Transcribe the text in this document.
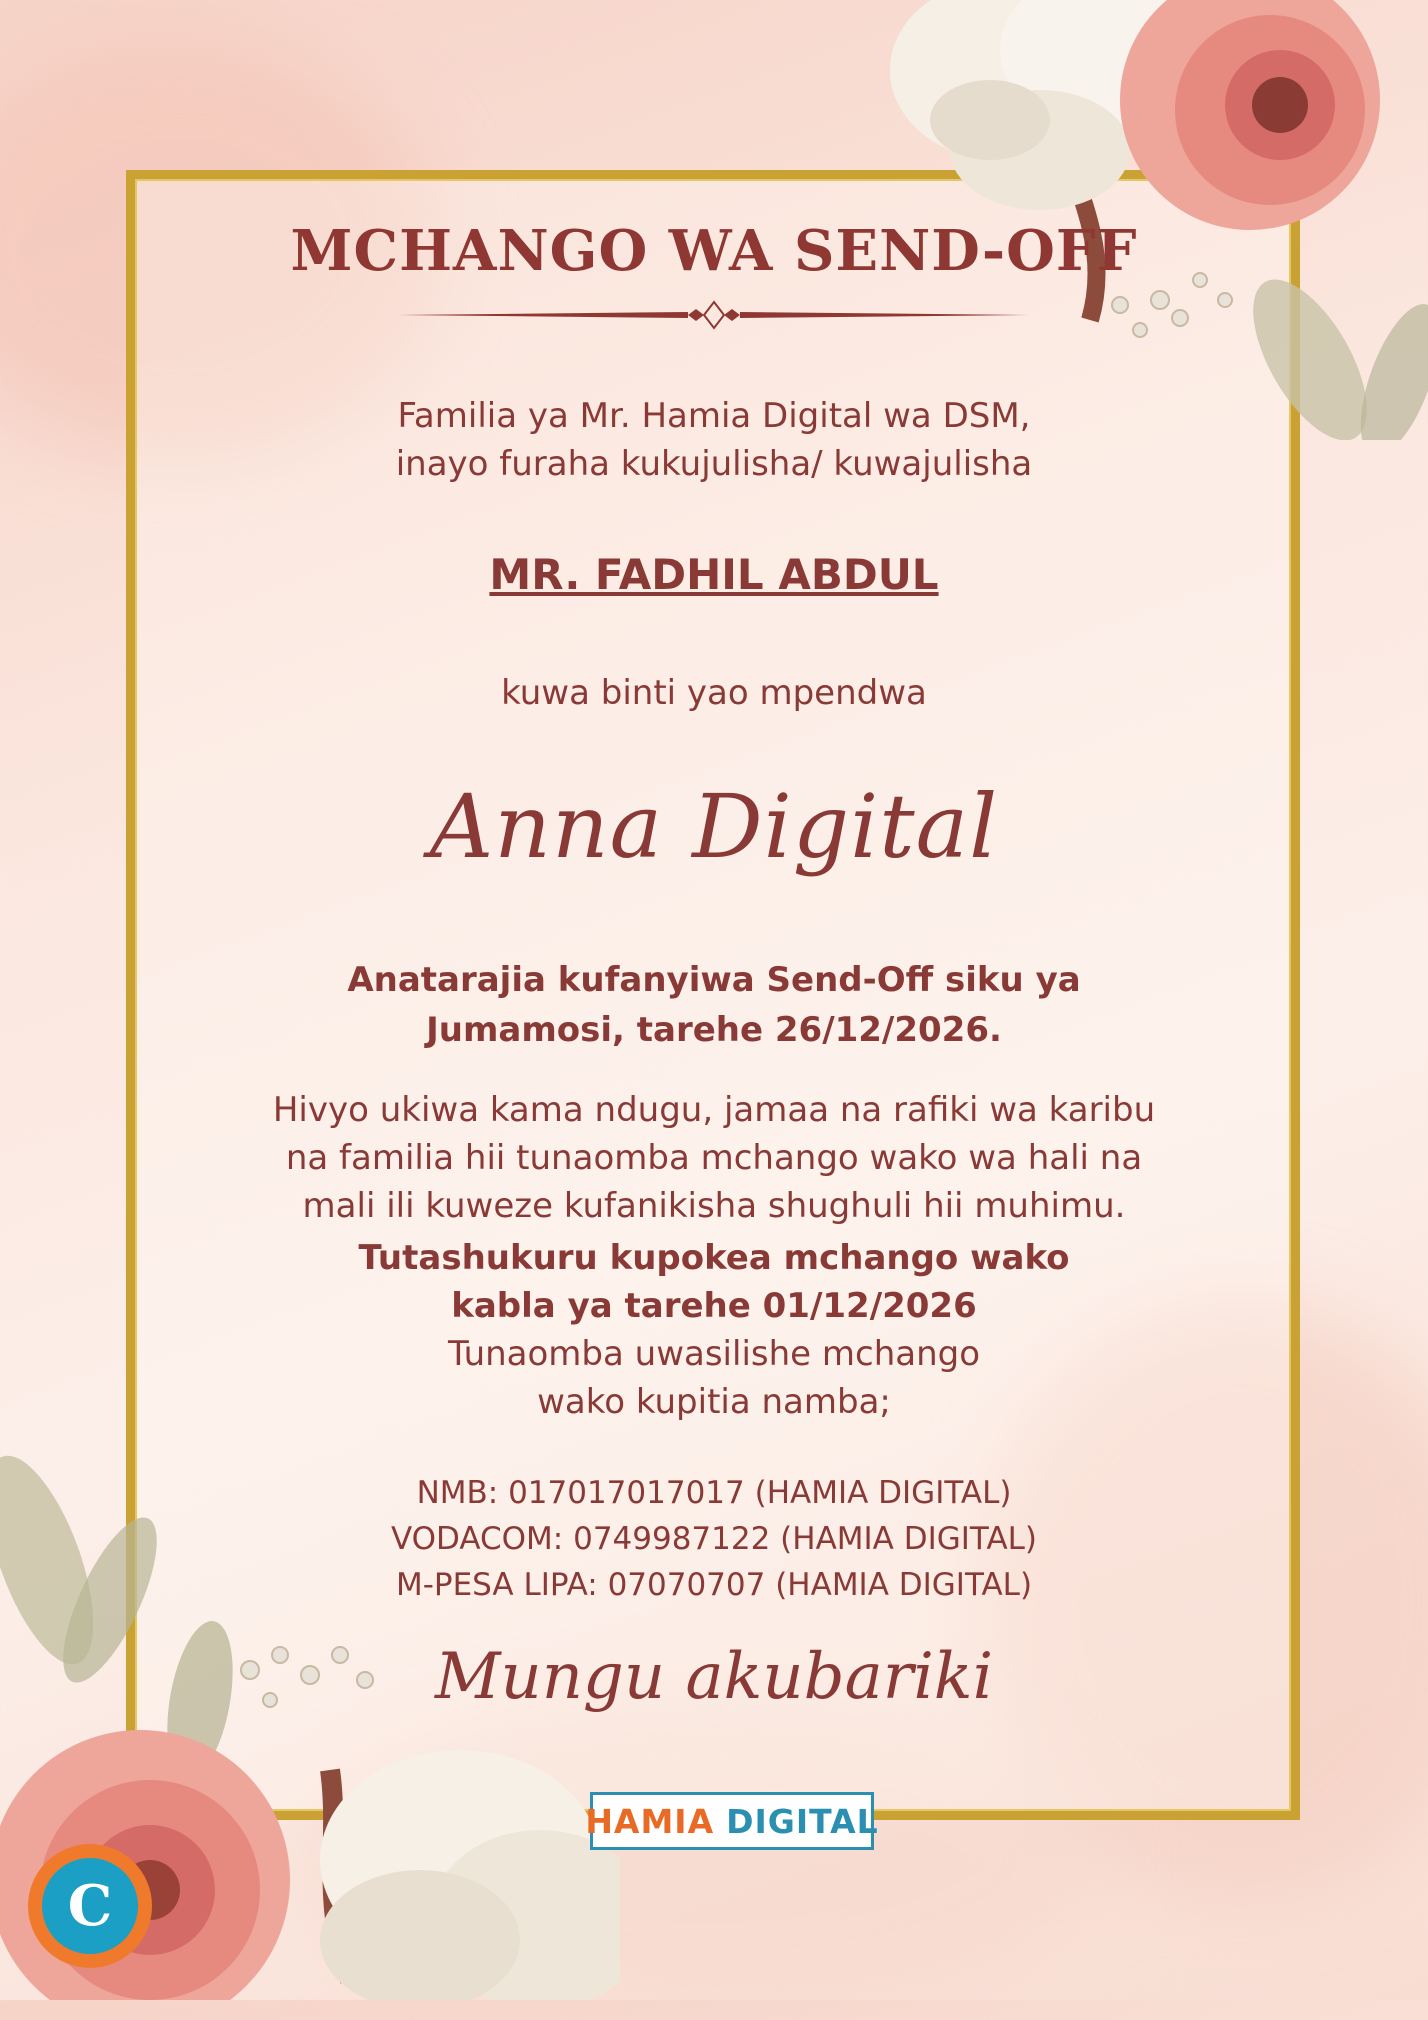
MCHANGO WA SEND-OFF

Familia ya Mr. Hamia Digital wa DSM,
inayo furaha kukujulisha/ kuwajulisha

MR. FADHIL ABDUL

kuwa binti yao mpendwa

Anna Digital

Anatarajia kufanyiwa Send-Off siku ya
Jumamosi, tarehe 26/12/2026.

Hivyo ukiwa kama ndugu, jamaa na rafiki wa karibu
na familia hii tunaomba mchango wako wa hali na
mali ili kuweze kufanikisha shughuli hii muhimu.

Tutashukuru kupokea mchango wako
kabla ya tarehe 01/12/2026

Tunaomba uwasilishe mchango
wako kupitia namba;

NMB: 017017017017 (HAMIA DIGITAL)
VODACOM: 0749987122 (HAMIA DIGITAL)
M-PESA LIPA: 07070707 (HAMIA DIGITAL)

Mungu akubariki

HAMIA DIGITAL
C
